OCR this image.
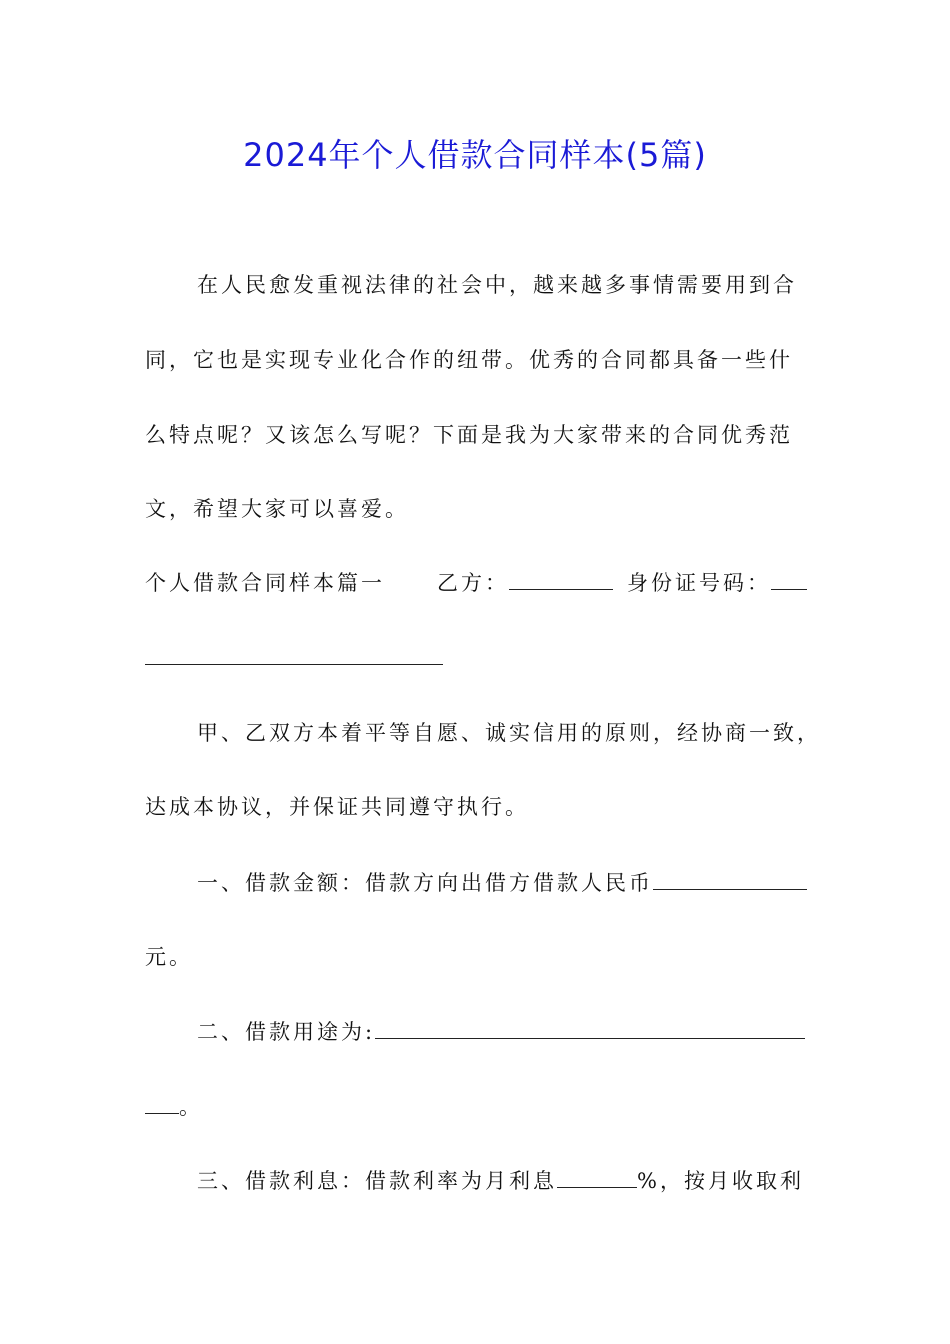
2024年个人借款合同样本(5篇)
在人民愈发重视法律的社会中，越来越多事情需要用到合
同，它也是实现专业化合作的纽带。优秀的合同都具备一些什
么特点呢？又该怎么写呢？下面是我为大家带来的合同优秀范
文，希望大家可以喜爱。
个人借款合同样本篇一 乙方：	身份证号码：
甲、乙双方本着平等自愿、诚实信用的原则，经协商一致，
达成本协议，并保证共同遵守执行。
一、借款金额：借款方向出借方借款人民币
元。
二、借款用途为:
。
三、借款利息：借款利率为月利息	%，按月收取利
